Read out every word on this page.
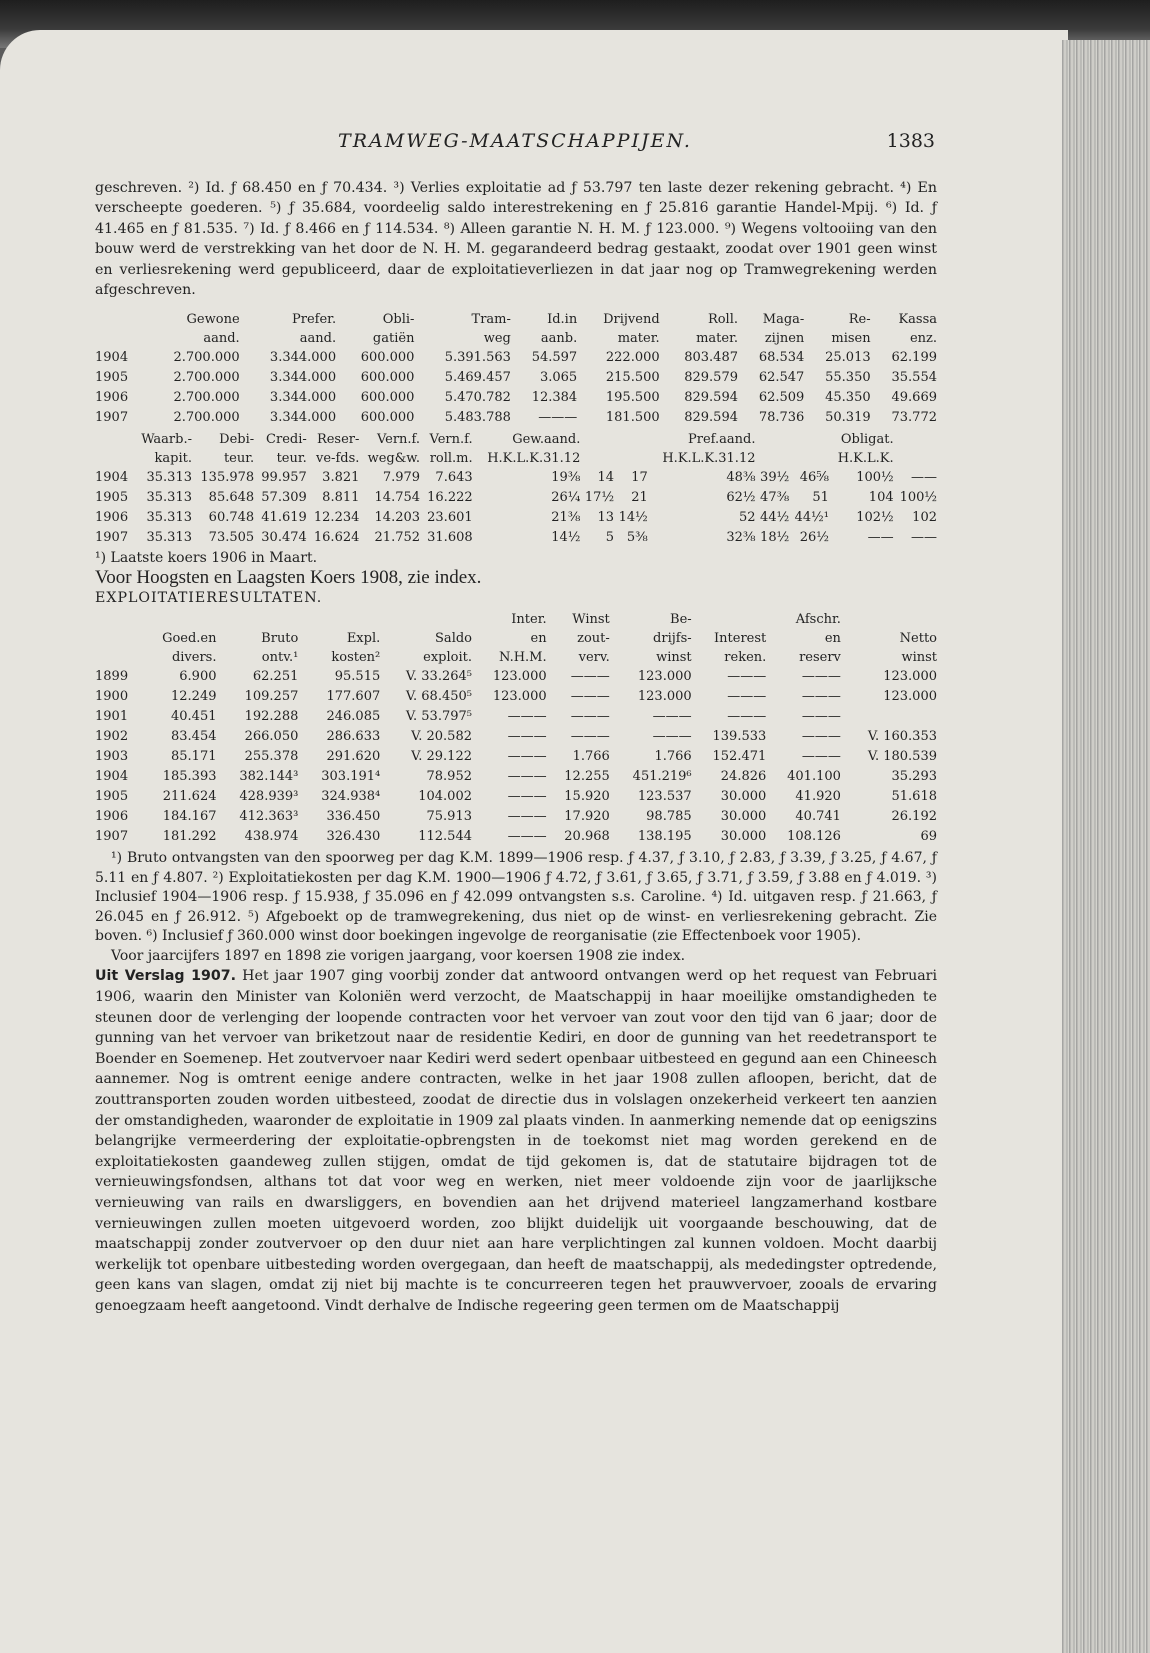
TRAMWEG-MAATSCHAPPIJEN.	1383

geschreven. ²) Id. ƒ 68.450 en ƒ 70.434. ³) Verlies exploitatie ad ƒ 53.797 ten laste dezer rekening gebracht. ⁴) En verscheepte goederen. ⁵) ƒ 35.684, voordeelig saldo interestrekening en ƒ 25.816 garantie Handel-Mpij. ⁶) Id. ƒ 41.465 en ƒ 81.535. ⁷) Id. ƒ 8.466 en ƒ 114.534. ⁸) Alleen garantie N. H. M. ƒ 123.000. ⁹) Wegens voltooiing van den bouw werd de verstrekking van het door de N. H. M. gegarandeerd bedrag gestaakt, zoodat over 1901 geen winst en verliesrekening werd gepubliceerd, daar de exploitatieverliezen in dat jaar nog op Tramwegrekening werden afgeschreven.

	Gewone	Prefer.	Obli-	Tram-	Id.in	Drijvend	Roll.	Maga-	Re-	Kassa
	aand.	aand.	gatiën	weg	aanb.	mater.	mater.	zijnen	misen	enz.
1904	2.700.000	3.344.000	600.000	5.391.563	54.597	222.000	803.487	68.534	25.013	62.199
1905	2.700.000	3.344.000	600.000	5.469.457	3.065	215.500	829.579	62.547	55.350	35.554
1906	2.700.000	3.344.000	600.000	5.470.782	12.384	195.500	829.594	62.509	45.350	49.669
1907	2.700.000	3.344.000	600.000	5.483.788	———	181.500	829.594	78.736	50.319	73.772
	Waarb.-	Debi-	Credi-	Reser-	Vern.f.	Vern.f.	Gew.aand.			Pref.aand.			Obligat.	
	kapit.	teur.	teur.	ve-fds.	weg&w.	roll.m.	H.K.L.K.31.12			H.K.L.K.31.12			H.K.L.K.	
1904	35.313	135.978	99.957	3.821	7.979	7.643	19⅜	14	17	48⅜	39½	46⅝	100½	——
1905	35.313	85.648	57.309	8.811	14.754	16.222	26¼	17½	21	62½	47⅜	51	104	100½
1906	35.313	60.748	41.619	12.234	14.203	23.601	21⅜	13	14½	52	44½	44½¹	102½	102
1907	35.313	73.505	30.474	16.624	21.752	31.608	14½	5	5⅜	32⅜	18½	26½	——	——

¹) Laatste koers 1906 in Maart.

Voor Hoogsten en Laagsten Koers 1908, zie index.

EXPLOITATIERESULTATEN.

					Inter.	Winst	Be-		Afschr.	
	Goed.en	Bruto	Expl.	Saldo	en	zout-	drijfs-	Interest	en	Netto
	divers.	ontv.¹	kosten²	exploit.	N.H.M.	verv.	winst	reken.	reserv	winst
1899	6.900	62.251	95.515	V. 33.264⁵	123.000	———	123.000	———	———	123.000
1900	12.249	109.257	177.607	V. 68.450⁵	123.000	———	123.000	———	———	123.000
1901	40.451	192.288	246.085	V. 53.797⁵	———	———	———	———	———	
1902	83.454	266.050	286.633	V. 20.582	———	———	———	139.533	———	V. 160.353
1903	85.171	255.378	291.620	V. 29.122	———	1.766	1.766	152.471	———	V. 180.539
1904	185.393	382.144³	303.191⁴	78.952	———	12.255	451.219⁶	24.826	401.100	35.293
1905	211.624	428.939³	324.938⁴	104.002	———	15.920	123.537	30.000	41.920	51.618
1906	184.167	412.363³	336.450	75.913	———	17.920	98.785	30.000	40.741	26.192
1907	181.292	438.974	326.430	112.544	———	20.968	138.195	30.000	108.126	69

¹) Bruto ontvangsten van den spoorweg per dag K.M. 1899—1906 resp. ƒ 4.37, ƒ 3.10, ƒ 2.83, ƒ 3.39, ƒ 3.25, ƒ 4.67, ƒ 5.11 en ƒ 4.807. ²) Exploitatiekosten per dag K.M. 1900—1906 ƒ 4.72, ƒ 3.61, ƒ 3.65, ƒ 3.71, ƒ 3.59, ƒ 3.88 en ƒ 4.019. ³) Inclusief 1904—1906 resp. ƒ 15.938, ƒ 35.096 en ƒ 42.099 ontvangsten s.s. Caroline. ⁴) Id. uitgaven resp. ƒ 21.663, ƒ 26.045 en ƒ 26.912. ⁵) Afgeboekt op de tramwegrekening, dus niet op de winst- en verliesrekening gebracht. Zie boven. ⁶) Inclusief ƒ 360.000 winst door boekingen ingevolge de reorganisatie (zie Effectenboek voor 1905).

Voor jaarcijfers 1897 en 1898 zie vorigen jaargang, voor koersen 1908 zie index.

Uit Verslag 1907. Het jaar 1907 ging voorbij zonder dat antwoord ontvangen werd op het request van Februari 1906, waarin den Minister van Koloniën werd verzocht, de Maatschappij in haar moeilijke omstandigheden te steunen door de verlenging der loopende contracten voor het vervoer van zout voor den tijd van 6 jaar; door de gunning van het vervoer van briketzout naar de residentie Kediri, en door de gunning van het reedetransport te Boender en Soemenep. Het zoutvervoer naar Kediri werd sedert openbaar uitbesteed en gegund aan een Chineesch aannemer. Nog is omtrent eenige andere contracten, welke in het jaar 1908 zullen afloopen, bericht, dat de zouttransporten zouden worden uitbesteed, zoodat de directie dus in volslagen onzekerheid verkeert ten aanzien der omstandigheden, waaronder de exploitatie in 1909 zal plaats vinden. In aanmerking nemende dat op eenigszins belangrijke vermeerdering der exploitatie-opbrengsten in de toekomst niet mag worden gerekend en de exploitatiekosten gaandeweg zullen stijgen, omdat de tijd gekomen is, dat de statutaire bijdragen tot de vernieuwingsfondsen, althans tot dat voor weg en werken, niet meer voldoende zijn voor de jaarlijksche vernieuwing van rails en dwarsliggers, en bovendien aan het drijvend materieel langzamerhand kostbare vernieuwingen zullen moeten uitgevoerd worden, zoo blijkt duidelijk uit voorgaande beschouwing, dat de maatschappij zonder zoutvervoer op den duur niet aan hare verplichtingen zal kunnen voldoen. Mocht daarbij werkelijk tot openbare uitbesteding worden overgegaan, dan heeft de maatschappij, als mededingster optredende, geen kans van slagen, omdat zij niet bij machte is te concurreeren tegen het prauwvervoer, zooals de ervaring genoegzaam heeft aangetoond. Vindt derhalve de Indische regeering geen termen om de Maatschappij
